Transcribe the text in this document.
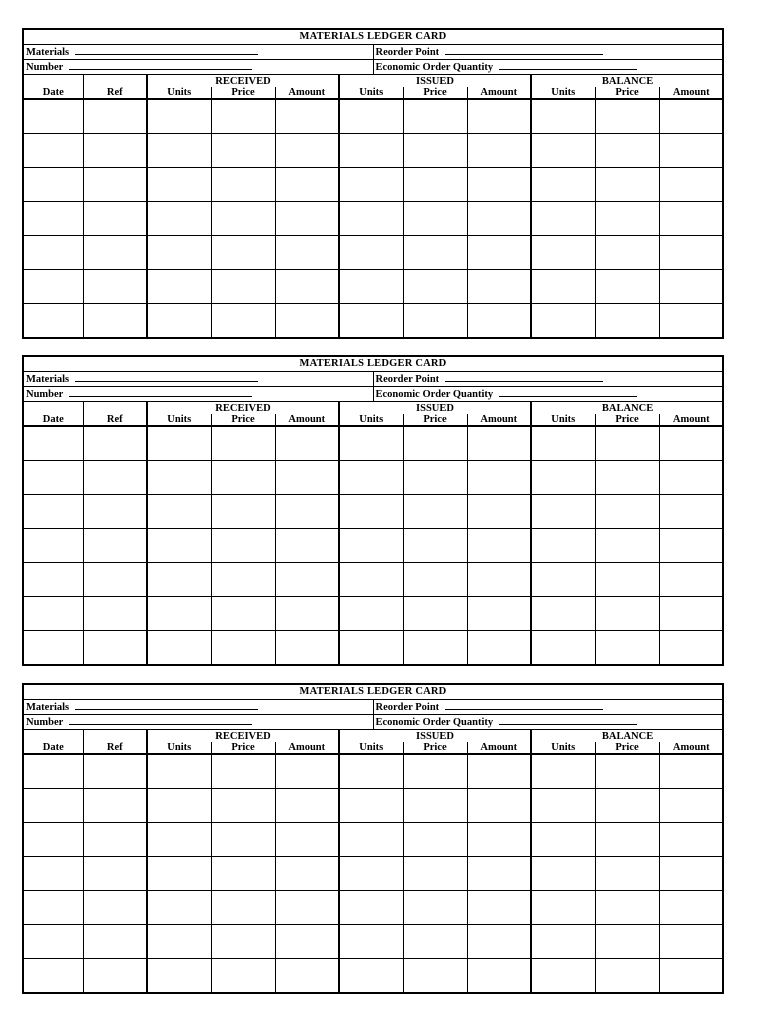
MATERIALS LEDGER CARD	
Materials	Reorder Point
Number	Economic Order Quantity
		RECEIVED			ISSUED			BALANCE		
Date	Ref	Units	Price	Amount	Units	Price	Amount	Units	Price	Amount

MATERIALS LEDGER CARD	
Materials	Reorder Point
Number	Economic Order Quantity
		RECEIVED			ISSUED			BALANCE		
Date	Ref	Units	Price	Amount	Units	Price	Amount	Units	Price	Amount

MATERIALS LEDGER CARD	
Materials	Reorder Point
Number	Economic Order Quantity
		RECEIVED			ISSUED			BALANCE		
Date	Ref	Units	Price	Amount	Units	Price	Amount	Units	Price	Amount
